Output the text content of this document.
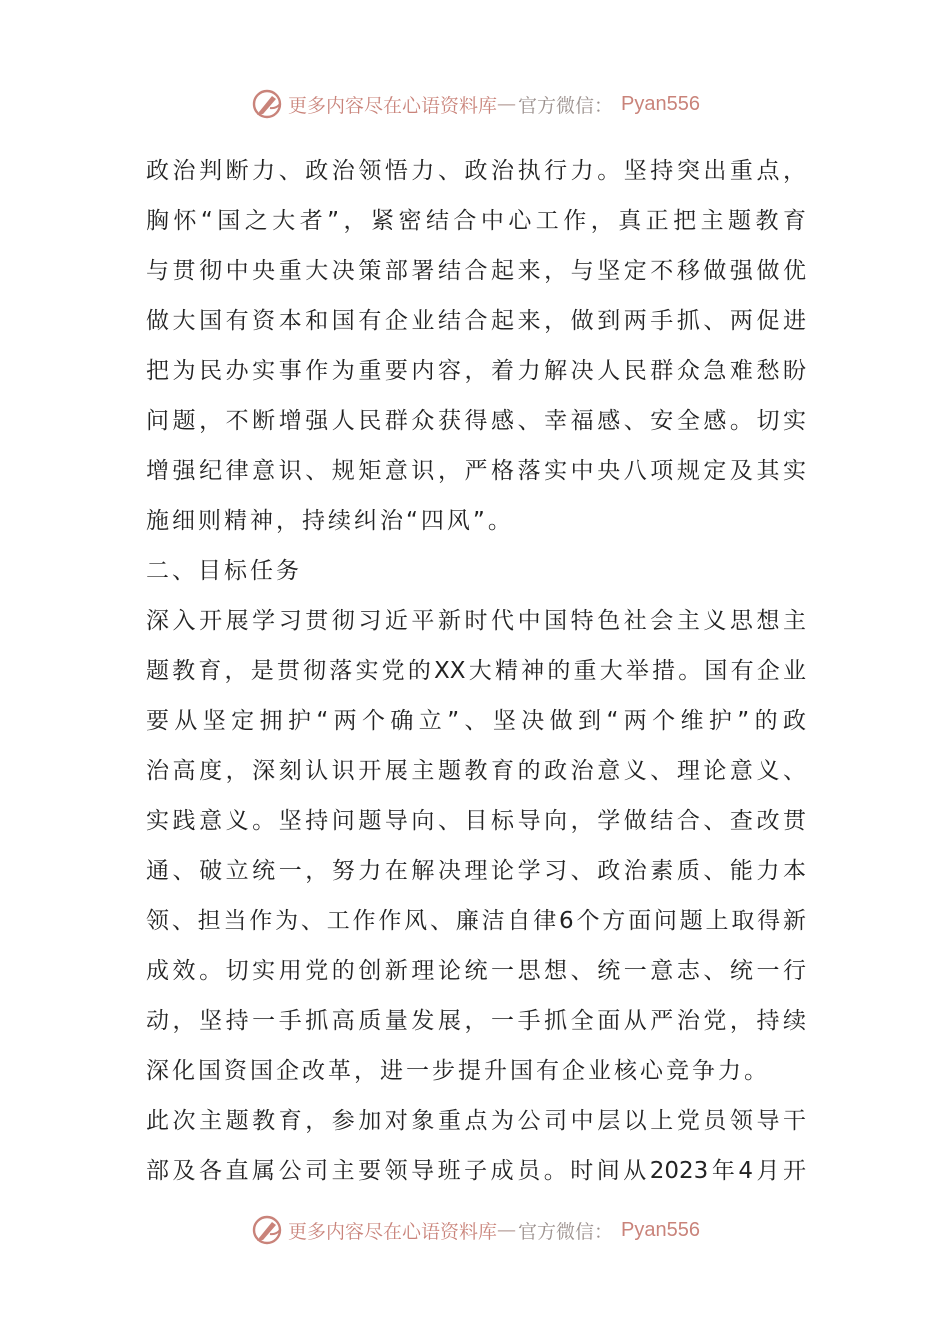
更多内容尽在心语资料库 — 官方微信： Pyan556
政治判断力、政治领悟力、政治执行力。坚持突出重点，
胸怀“国之大者”，紧密结合中心工作，真正把主题教育
与贯彻中央重大决策部署结合起来，与坚定不移做强做优
做大国有资本和国有企业结合起来，做到两手抓、两促进
把为民办实事作为重要内容，着力解决人民群众急难愁盼
问题，不断增强人民群众获得感、幸福感、安全感。切实
增强纪律意识、规矩意识，严格落实中央八项规定及其实
施细则精神，持续纠治“四风”。
二、目标任务
深入开展学习贯彻习近平新时代中国特色社会主义思想主
题教育，是贯彻落实党的XX大精神的重大举措。国有企业
要从坚定拥护“两个确立”、坚决做到“两个维护”的政
治高度，深刻认识开展主题教育的政治意义、理论意义、
实践意义。坚持问题导向、目标导向，学做结合、查改贯
通、破立统一，努力在解决理论学习、政治素质、能力本
领、担当作为、工作作风、廉洁自律6个方面问题上取得新
成效。切实用党的创新理论统一思想、统一意志、统一行
动，坚持一手抓高质量发展，一手抓全面从严治党，持续
深化国资国企改革，进一步提升国有企业核心竞争力。
此次主题教育，参加对象重点为公司中层以上党员领导干
部及各直属公司主要领导班子成员。时间从2023年4月开
更多内容尽在心语资料库 — 官方微信： Pyan556
